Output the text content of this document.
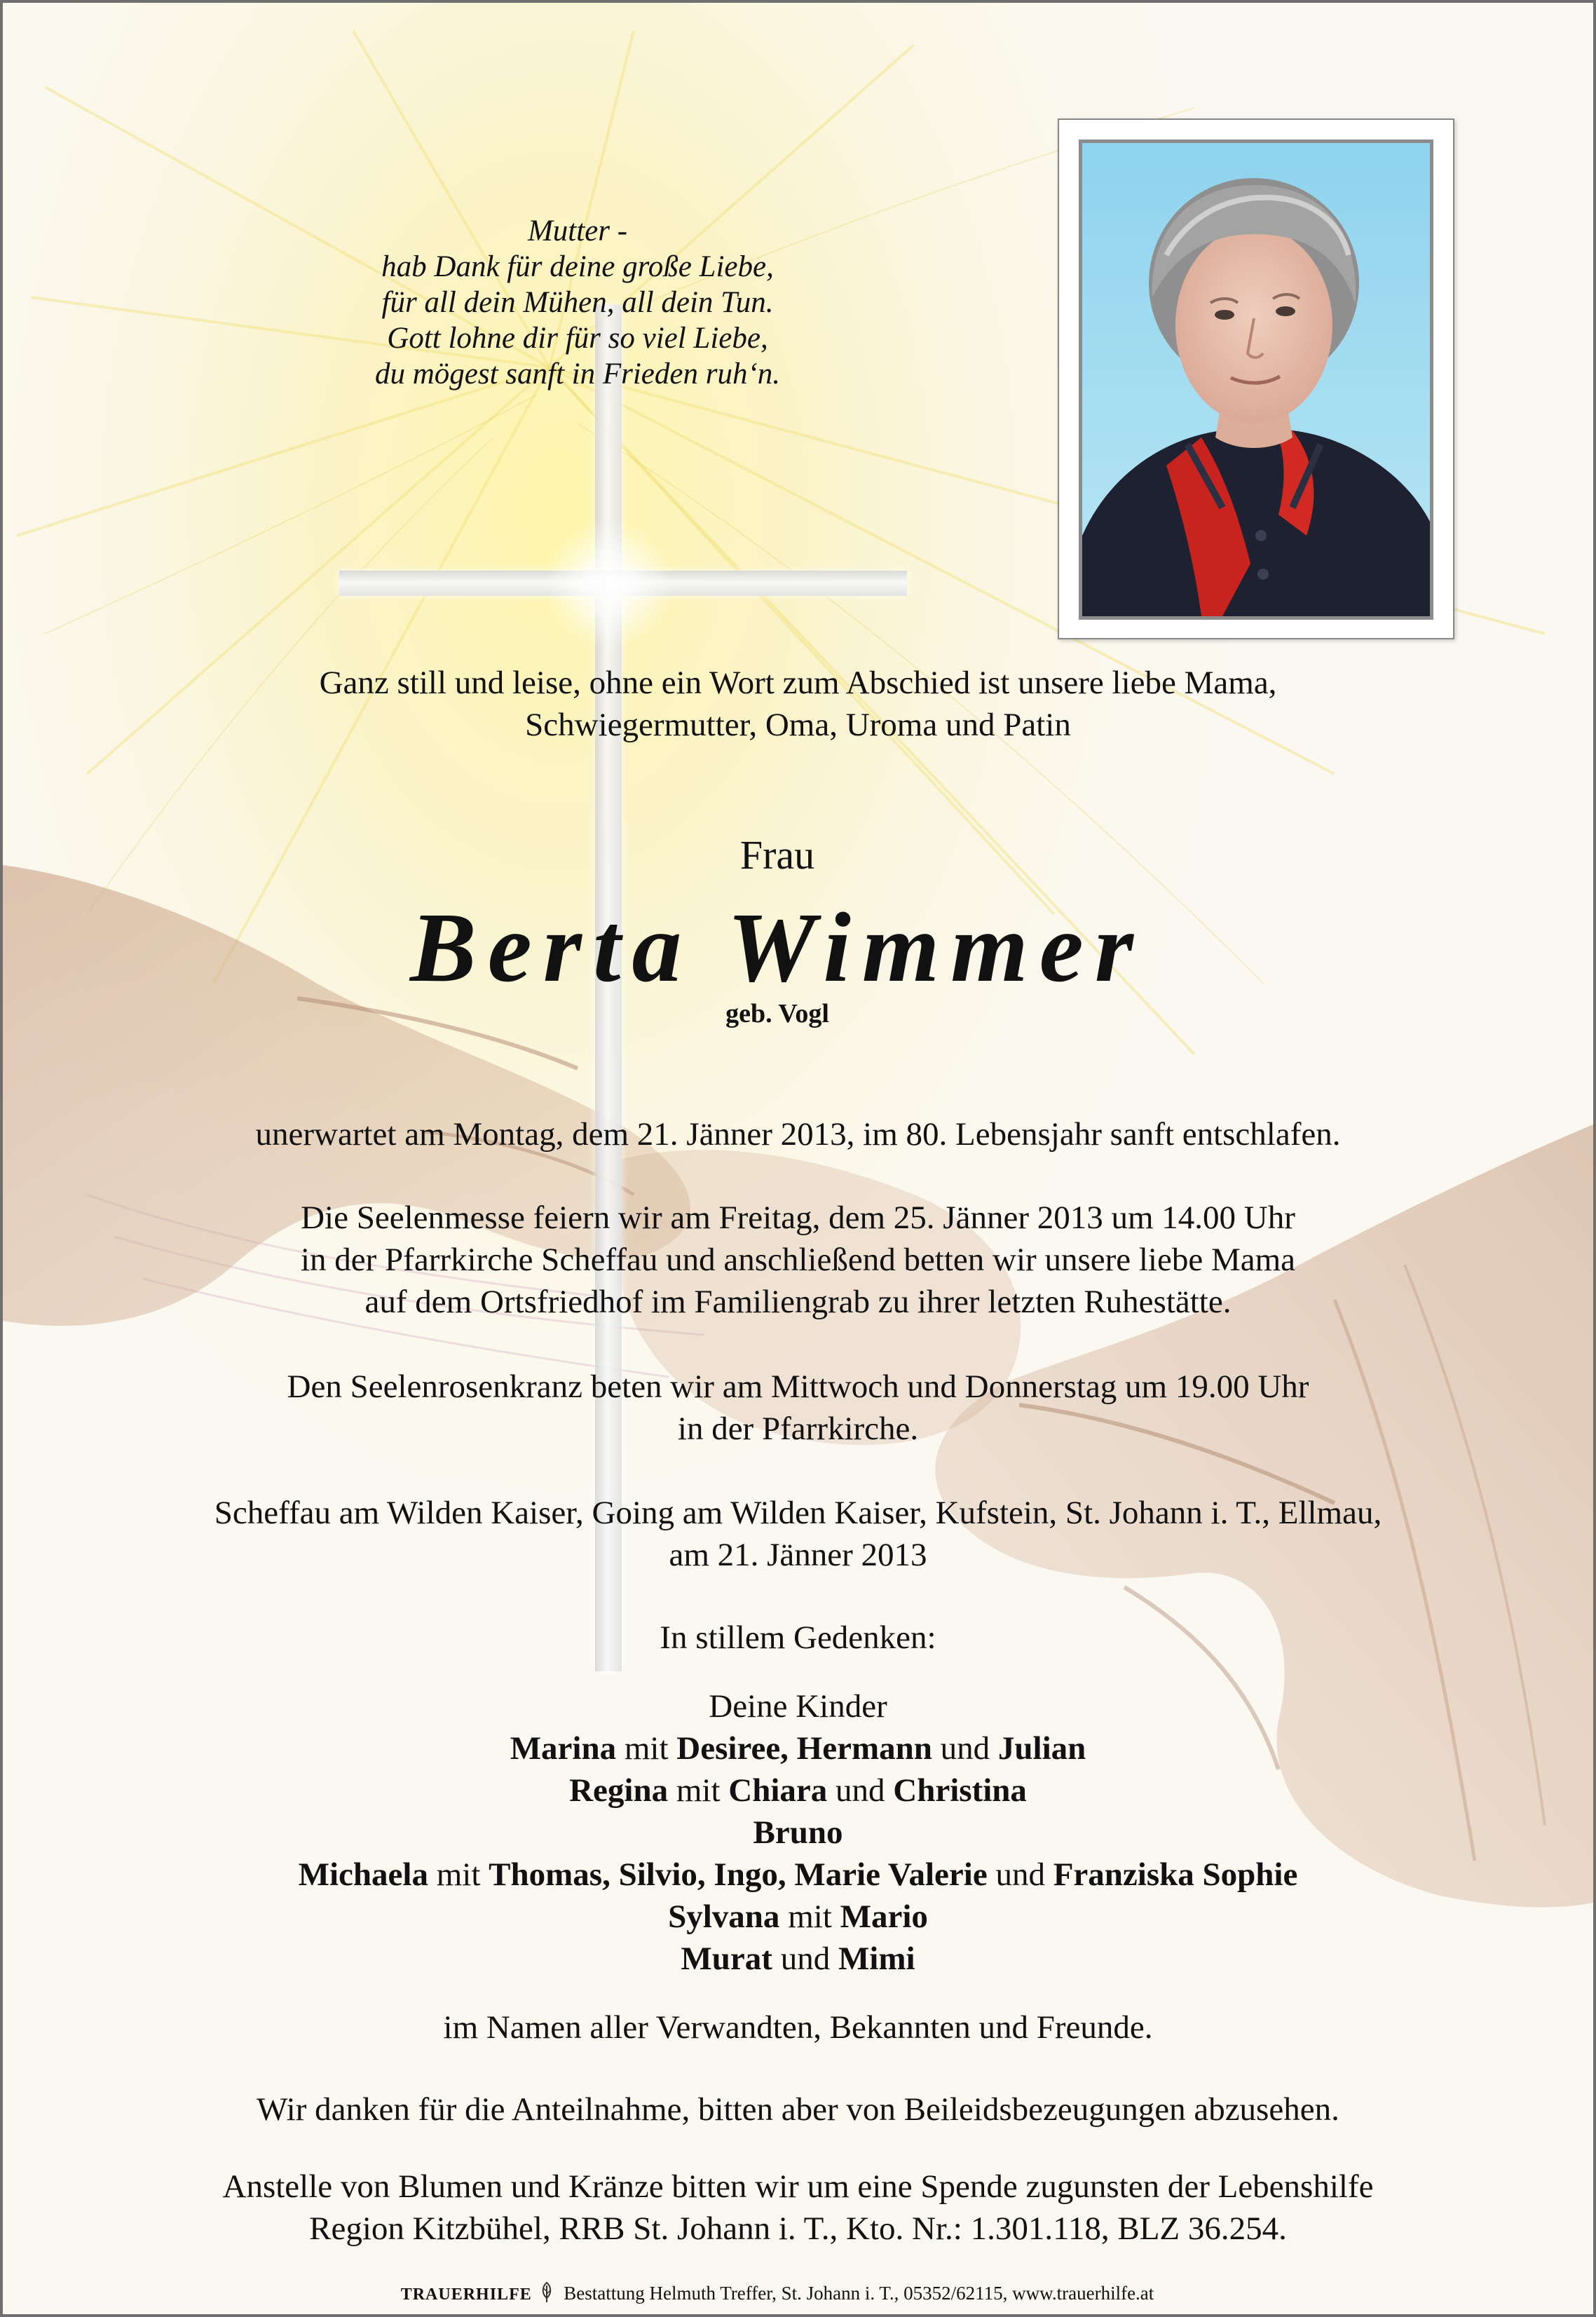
Mutter -
hab Dank für deine große Liebe,
für all dein Mühen, all dein Tun.
Gott lohne dir für so viel Liebe,
du mögest sanft in Frieden ruh‘n.
Ganz still und leise, ohne ein Wort zum Abschied ist unsere liebe Mama,
Schwiegermutter, Oma, Uroma und Patin
Frau
Berta Wimmer
geb. Vogl
unerwartet am Montag, dem 21. Jänner 2013, im 80. Lebensjahr sanft entschlafen.
Die Seelenmesse feiern wir am Freitag, dem 25. Jänner 2013 um 14.00 Uhr
in der Pfarrkirche Scheffau und anschließend betten wir unsere liebe Mama
auf dem Ortsfriedhof im Familiengrab zu ihrer letzten Ruhestätte.
Den Seelenrosenkranz beten wir am Mittwoch und Donnerstag um 19.00 Uhr
in der Pfarrkirche.
Scheffau am Wilden Kaiser, Going am Wilden Kaiser, Kufstein, St. Johann i. T., Ellmau,
am 21. Jänner 2013
In stillem Gedenken:
Deine Kinder
Marina mit Desiree, Hermann und Julian
Regina mit Chiara und Christina
Bruno
Michaela mit Thomas, Silvio, Ingo, Marie Valerie und Franziska Sophie
Sylvana mit Mario
Murat und Mimi
im Namen aller Verwandten, Bekannten und Freunde.
Wir danken für die Anteilnahme, bitten aber von Beileidsbezeugungen abzusehen.
Anstelle von Blumen und Kränze bitten wir um eine Spende zugunsten der Lebenshilfe
Region Kitzbühel, RRB St. Johann i. T., Kto. Nr.: 1.301.118, BLZ 36.254.
TRAUERHILFE Bestattung Helmuth Treffer, St. Johann i. T., 05352/62115, www.trauerhilfe.at
